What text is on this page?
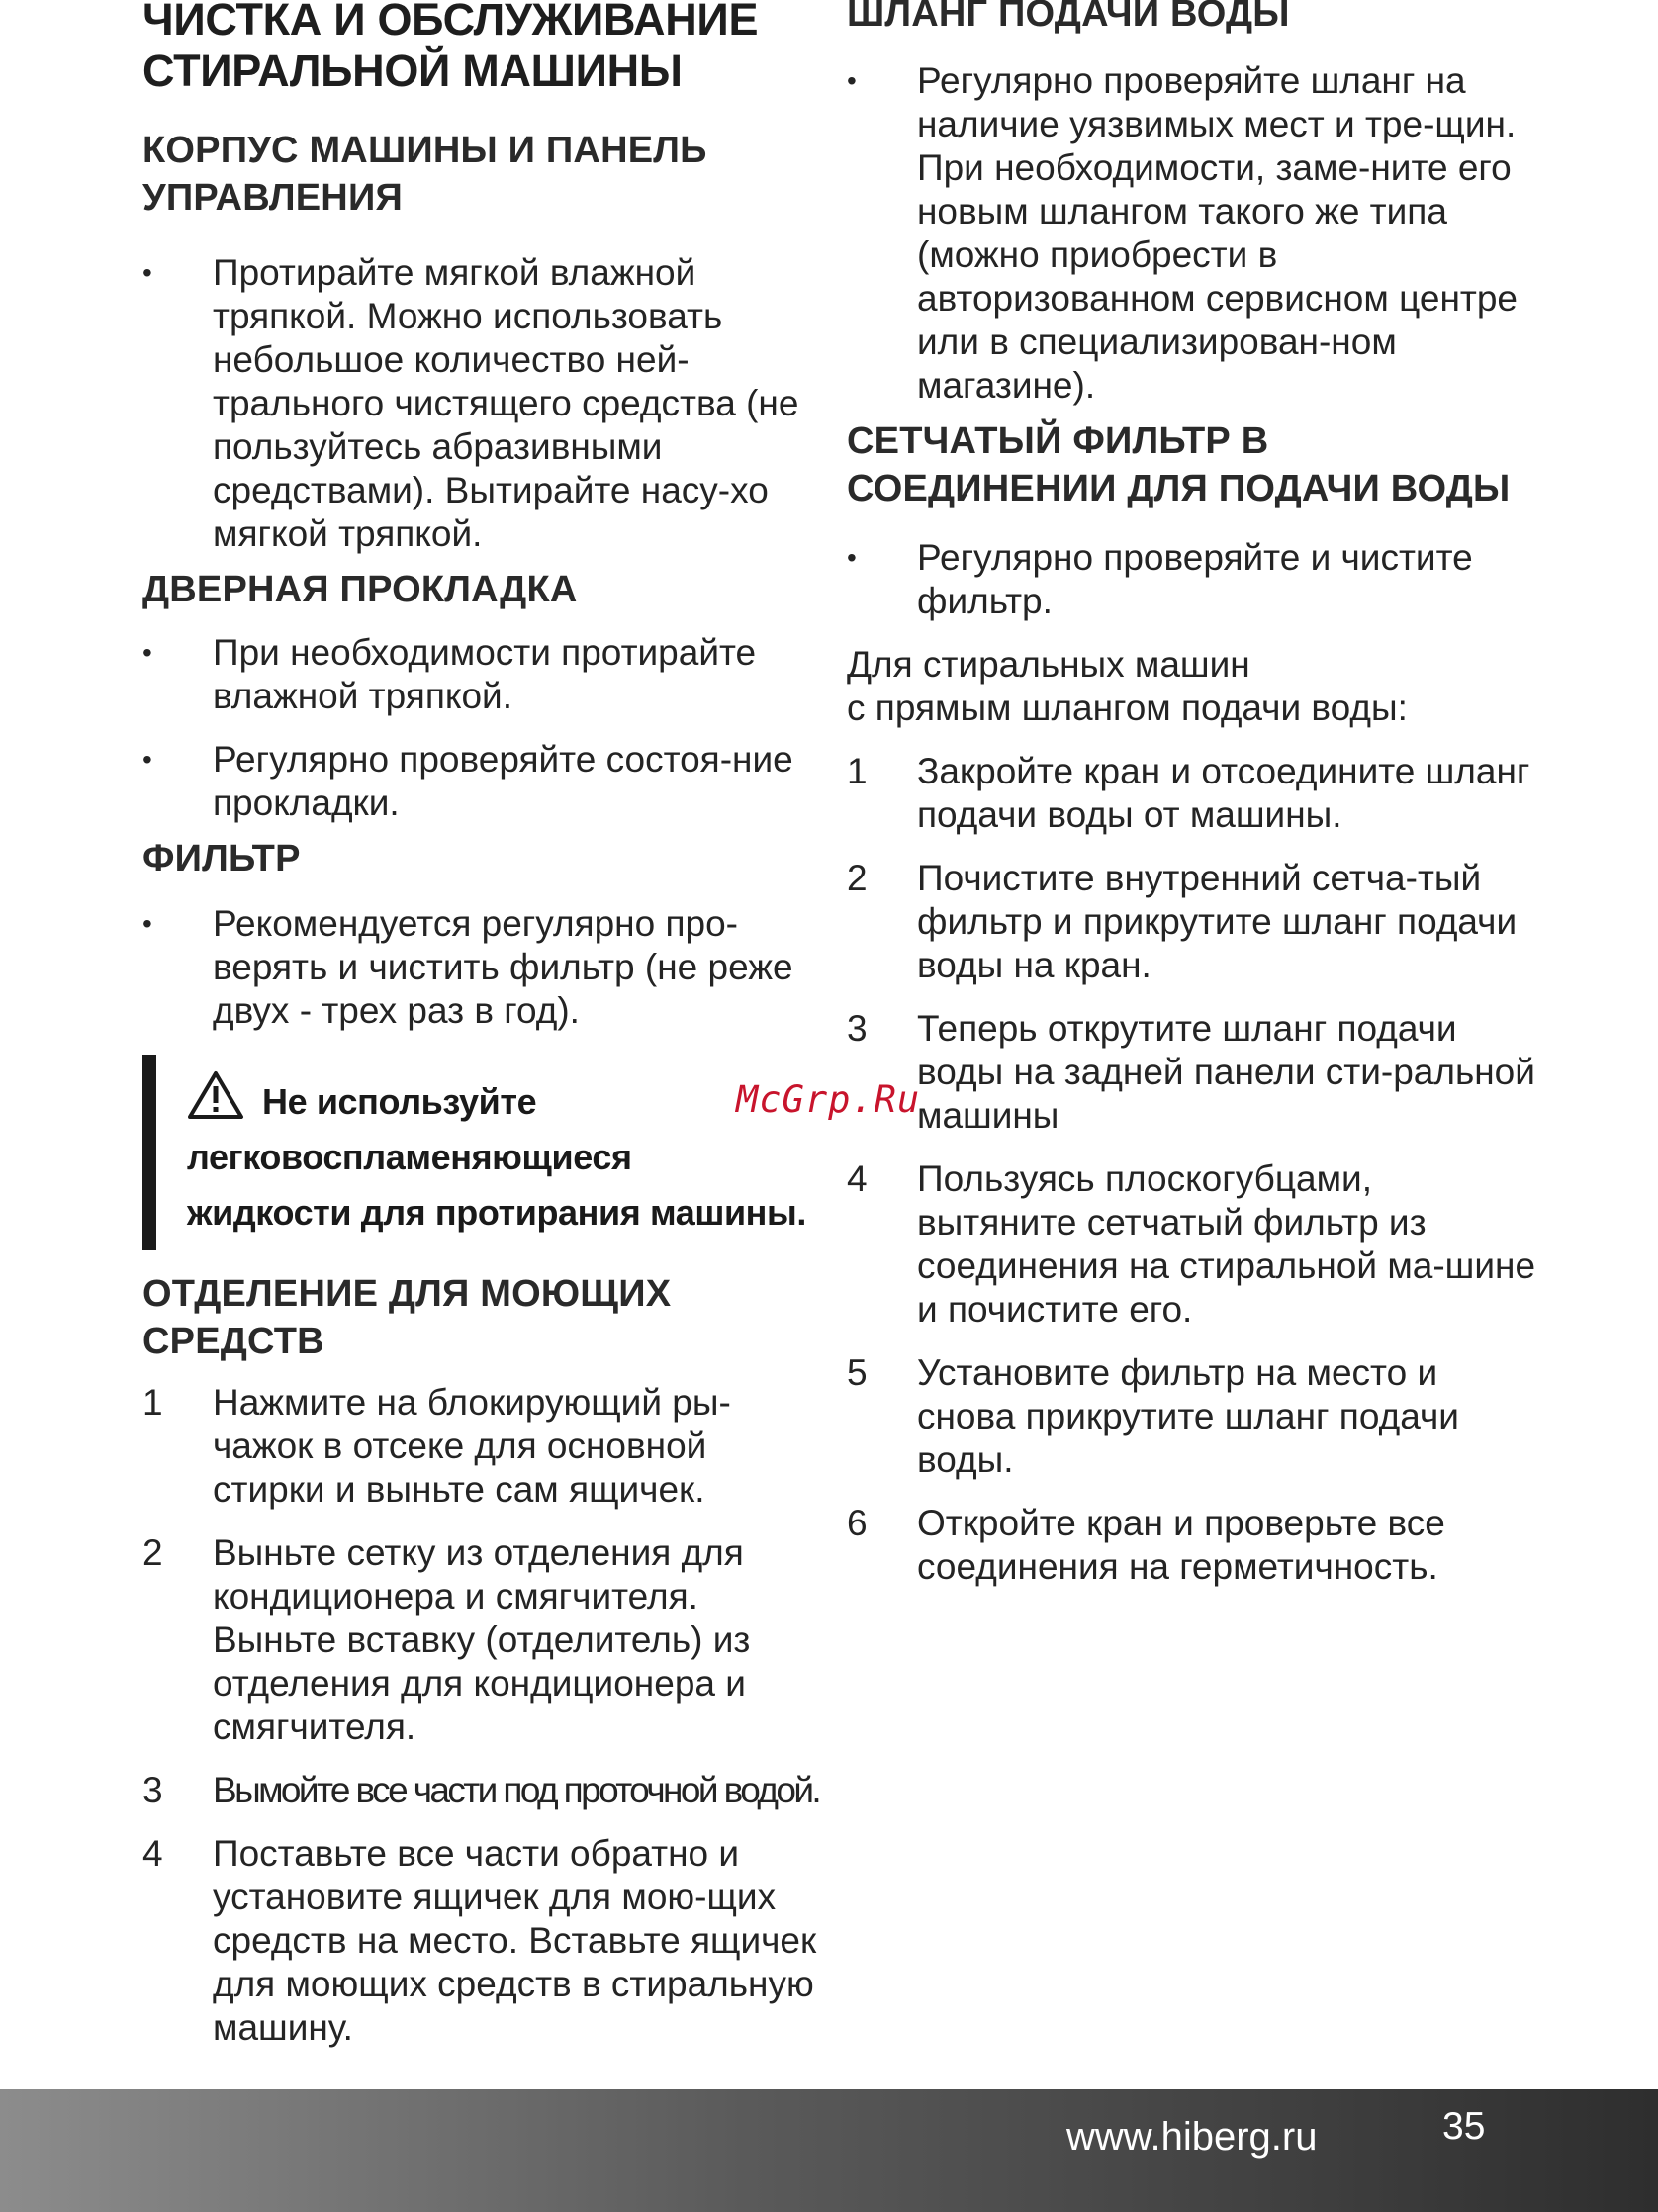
ЧИСТКА И ОБСЛУЖИВАНИЕ
СТИРАЛЬНОЙ МАШИНЫ
КОРПУС МАШИНЫ И ПАНЕЛЬ
УПРАВЛЕНИЯ
•	Протирайте мягкой влажной тряпкой. Можно использовать небольшое количество ней-трального чистящего средства (не пользуйтесь абразивными средствами). Вытирайте насу-хо мягкой тряпкой.
ДВЕРНАЯ ПРОКЛАДКА
•	При необходимости протирайте влажной тряпкой.
•	Регулярно проверяйте состоя-ние прокладки.
ФИЛЬТР
•	Рекомендуется регулярно про-верять и чистить фильтр (не реже двух - трех раз в год).
Не используйте
легковоспламеняющиеся
жидкости для протирания машины.
ОТДЕЛЕНИЕ ДЛЯ МОЮЩИХ
СРЕДСТВ
1	Нажмите на блокирующий ры-чажок в отсеке для основной стирки и выньте сам ящичек.
2	Выньте сетку из отделения для кондиционера и смягчителя. Выньте вставку (отделитель) из отделения для кондиционера и смягчителя.
3	Вымойте все части под проточной водой.
4	Поставьте все части обратно и установите ящичек для мою-щих средств на место. Вставьте ящичек для моющих средств в стиральную машину.
ШЛАНГ ПОДАЧИ ВОДЫ
•	Регулярно проверяйте шланг на наличие уязвимых мест и тре-щин. При необходимости, заме-ните его новым шлангом такого же типа (можно приобрести в авторизованном сервисном центре или в специализирован-ном магазине).
СЕТЧАТЫЙ ФИЛЬТР В
СОЕДИНЕНИИ ДЛЯ ПОДАЧИ ВОДЫ
•	Регулярно проверяйте и чистите фильтр.

Для стиральных машин
с прямым шлангом подачи воды:

1	Закройте кран и отсоедините шланг подачи воды от машины.
2	Почистите внутренний сетча-тый фильтр и прикрутите шланг подачи воды на кран.
3	Теперь открутите шланг подачи воды на задней панели сти-ральной машины
4	Пользуясь плоскогубцами, вытяните сетчатый фильтр из соединения на стиральной ма-шине и почистите его.
5	Установите фильтр на место и снова прикрутите шланг подачи воды.
6	Откройте кран и проверьте все соединения на герметичность.
McGrp.Ru
www.hiberg.ru	35
